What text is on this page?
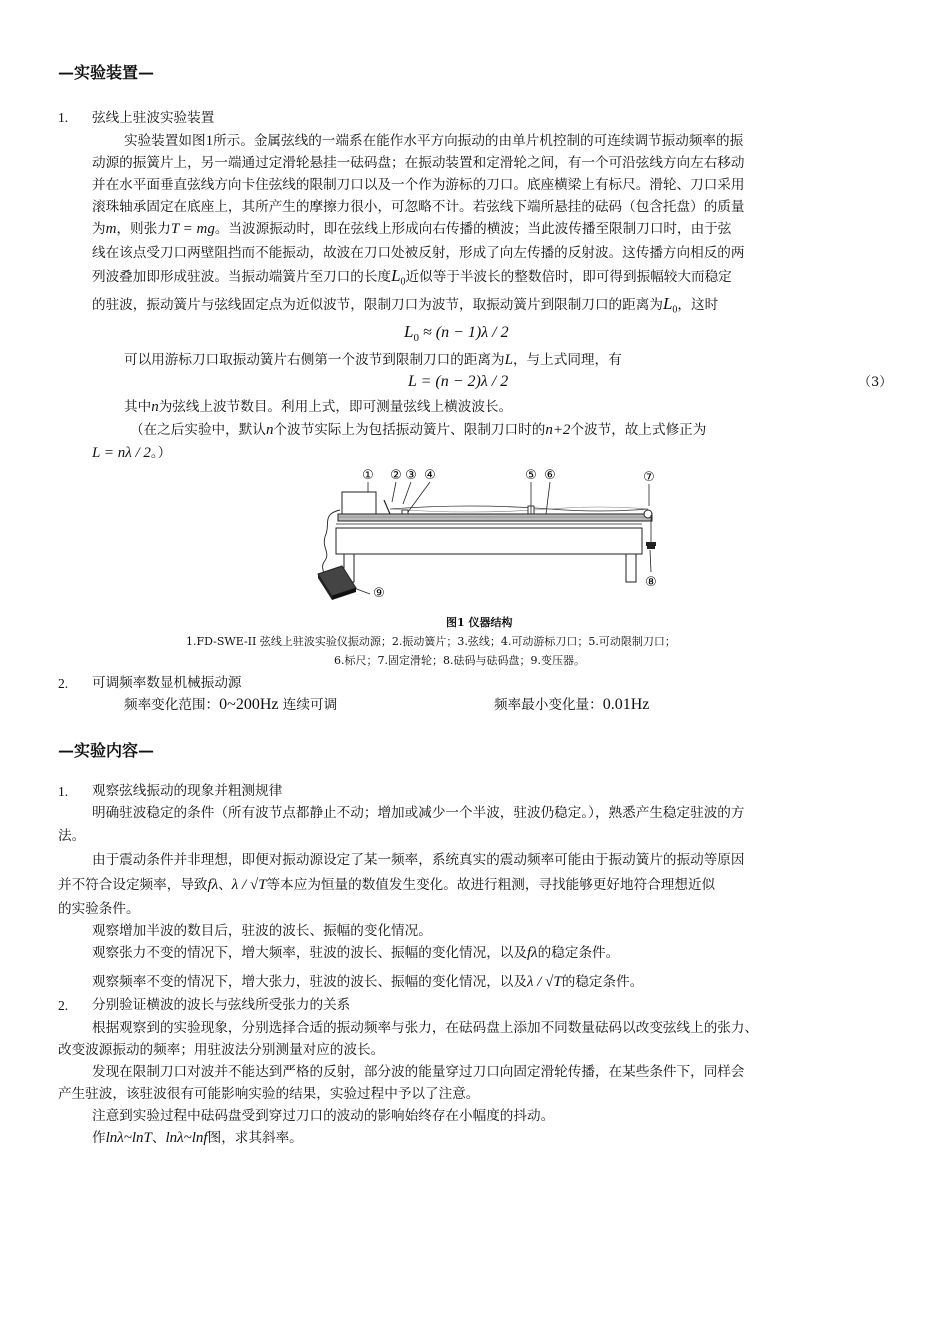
—实验装置—
1. 弦线上驻波实验装置
实验装置如图1所示。金属弦线的一端系在能作水平方向振动的由单片机控制的可连续调节振动频率的振
动源的振簧片上，另一端通过定滑轮悬挂一砝码盘；在振动装置和定滑轮之间，有一个可沿弦线方向左右移动
并在水平面垂直弦线方向卡住弦线的限制刀口以及一个作为游标的刀口。底座横梁上有标尺。滑轮、刀口采用
滚珠轴承固定在底座上，其所产生的摩擦力很小，可忽略不计。若弦线下端所悬挂的砝码（包含托盘）的质量
为m，则张力T = mg。当波源振动时，即在弦线上形成向右传播的横波；当此波传播至限制刀口时，由于弦
线在该点受刀口两壁阻挡而不能振动，故波在刀口处被反射，形成了向左传播的反射波。这传播方向相反的两
列波叠加即形成驻波。当振动端簧片至刀口的长度$L_0$近似等于半波长的整数倍时，即可得到振幅较大而稳定
的驻波，振动簧片与弦线固定点为近似波节，限制刀口为波节，取振动簧片到限制刀口的距离为$L_0$，这时
$L_0 \approx (n - 1)\lambda / 2$
可以用游标刀口取振动簧片右侧第一个波节到限制刀口的距离为L，与上式同理，有
L = (n − 2)λ / 2	（3）
其中n为弦线上波节数目。利用上式，即可测量弦线上横波波长。
（在之后实验中，默认n个波节实际上为包括振动簧片、限制刀口时的n+2个波节，故上式修正为
L = nλ / 2。）
① ② ③ ④	⑤ ⑥	⑦
⑧
⑨
图1 仪器结构
1.FD-SWE-II 弦线上驻波实验仪振动源；2.振动簧片；3.弦线；4.可动游标刀口；5.可动限制刀口；
6.标尺；7.固定滑轮；8.砝码与砝码盘；9.变压器。
2. 可调频率数显机械振动源
频率变化范围：0~200Hz 连续可调	频率最小变化量：0.01Hz
—实验内容—
1. 观察弦线振动的现象并粗测规律
明确驻波稳定的条件（所有波节点都静止不动；增加或减少一个半波，驻波仍稳定。），熟悉产生稳定驻波的方
法。
由于震动条件并非理想，即便对振动源设定了某一频率，系统真实的震动频率可能由于振动簧片的振动等原因
并不符合设定频率，导致fλ、λ / √T等本应为恒量的数值发生变化。故进行粗测，寻找能够更好地符合理想近似
的实验条件。
观察增加半波的数目后，驻波的波长、振幅的变化情况。
观察张力不变的情况下，增大频率，驻波的波长、振幅的变化情况，以及fλ的稳定条件。
观察频率不变的情况下，增大张力，驻波的波长、振幅的变化情况，以及λ / √T的稳定条件。
2. 分别验证横波的波长与弦线所受张力的关系
根据观察到的实验现象，分别选择合适的振动频率与张力，在砝码盘上添加不同数量砝码以改变弦线上的张力、
改变波源振动的频率；用驻波法分别测量对应的波长。
发现在限制刀口对波并不能达到严格的反射，部分波的能量穿过刀口向固定滑轮传播，在某些条件下，同样会
产生驻波，该驻波很有可能影响实验的结果，实验过程中予以了注意。
注意到实验过程中砝码盘受到穿过刀口的波动的影响始终存在小幅度的抖动。
作lnλ~lnT、lnλ~lnf图，求其斜率。
